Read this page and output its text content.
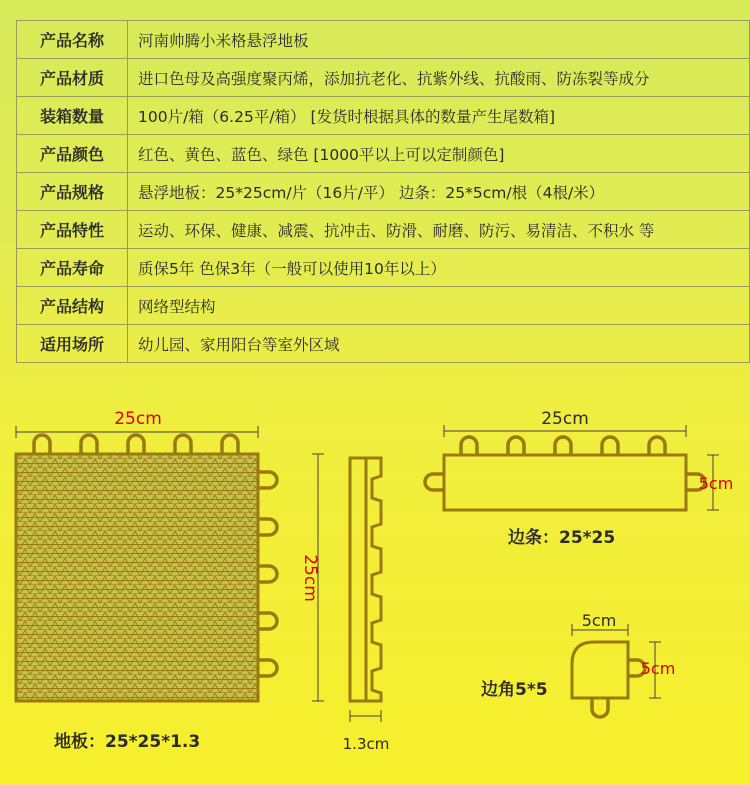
产品名称	河南帅腾小米格悬浮地板
产品材质	进口色母及高强度聚丙烯，添加抗老化、抗紫外线、抗酸雨、防冻裂等成分
装箱数量	100片/箱（6.25平/箱） [发货时根据具体的数量产生尾数箱]
产品颜色	红色、黄色、蓝色、绿色 [1000平以上可以定制颜色]
产品规格	悬浮地板：25*25cm/片（16片/平） 边条：25*5cm/根（4根/米）
产品特性	运动、环保、健康、减震、抗冲击、防滑、耐磨、防污、易清洁、不积水 等
产品寿命	质保5年 色保3年（一般可以使用10年以上）
产品结构	网络型结构
适用场所	幼儿园、家用阳台等室外区域
25cm
25cm
地板：25*25*1.3	1.3cm
25cm
5cm
边条：25*25
5cm
5cm
边角5*5
